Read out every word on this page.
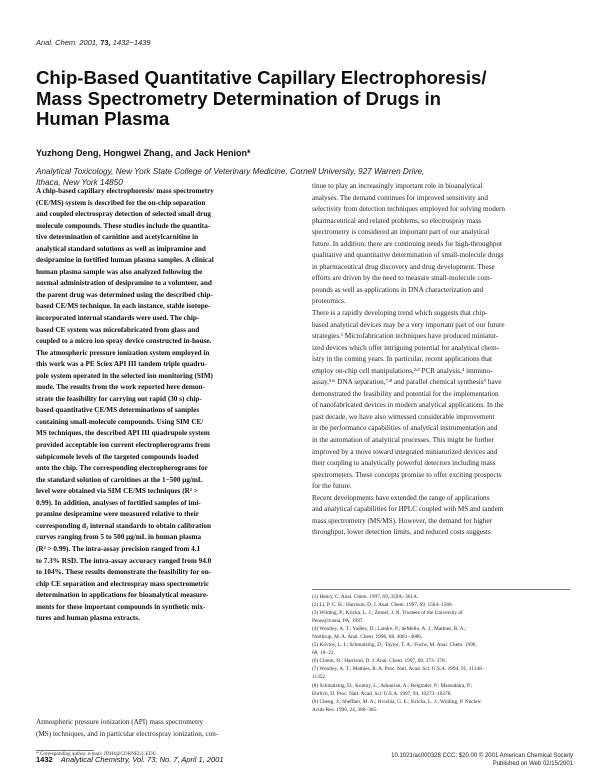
Anal. Chem. 2001, 73, 1432−1439
Chip-Based Quantitative Capillary Electrophoresis/
Mass Spectrometry Determination of Drugs in
Human Plasma
Yuzhong Deng, Hongwei Zhang, and Jack Henion*
Analytical Toxicology, New York State College of Veterinary Medicine, Cornell University, 927 Warren Drive,
Ithaca, New York 14850
A chip-based capillary electrophoresis/ mass spectrometry
(CE/MS) system is described for the on-chip separation
and coupled electrospray detection of selected small drug
molecule compounds. These studies include the quantita-
tive determination of carnitine and acetylcarnitine in
analytical standard solutions as well as imipramine and
desipramine in fortified human plasma samples. A clinical
human plasma sample was also analyzed following the
normal administration of desipramine to a volunteer, and
the parent drug was determined using the described chip-
based CE/MS technique. In each instance, stable isotope-
incorporated internal standards were used. The chip-
based CE system was microfabricated from glass and
coupled to a micro ion spray device constructed in-house.
The atmospheric pressure ionization system employed in
this work was a PE Sciex API III tandem triple quadru-
pole system operated in the selected ion monitoring (SIM)
mode. The results from the work reported here demon-
strate the feasibility for carrying out rapid (30 s) chip-
based quantitative CE/MS determinations of samples
containing small-molecule compounds. Using SIM CE/
MS techniques, the described API III quadrupole system
provided acceptable ion current electropherograms from
subpicomole levels of the targeted compounds loaded
onto the chip. The corresponding electropherograms for
the standard solution of carnitines at the 1−500 μg/mL
level were obtained via SIM CE/MS techniques (R² >
0.99). In addition, analyses of fortified samples of imi-
pramine desipramine were measured relative to their
corresponding d₃ internal standards to obtain calibration
curves ranging from 5 to 500 μg/mL in human plasma
(R² > 0.99). The intra-assay precision ranged from 4.1
to 7.3% RSD. The intra-assay accuracy ranged from 94.0
to 104%. These results demonstrate the feasibility for on-
chip CE separation and electrospray mass spectrometric
determination in applications for bioanalytical measure-
ments for these important compounds in synthetic mix-
tures and human plasma extracts.
Atmospheric pressure ionization (API) mass spectrometry
(MS) techniques, and in particular electrospray ionization, con-
* Corresponding author. e-mail: JDH4@CORNELL.EDU.
tinue to play an increasingly important role in bioanalytical
analyses. The demand continues for improved sensitivity and
selectivity from detection techniques employed for solving modern
pharmaceutical and related problems, so electrospray mass
spectrometry is considered an important part of our analytical
future. In addition, there are continuing needs for high-throughput
qualitative and quantitative determination of small-molecule drugs
in pharmaceutical drug discovery and drug development. These
efforts are driven by the need to measure small-molecule com-
pounds as well as applications in DNA characterization and
proteomics.
There is a rapidly developing trend which suggests that chip-
based analytical devices may be a very important part of our future
strategies.¹ Microfabrication techniques have produced miniatur-
ized devices which offer intriguing potential for analytical chem-
istry in the coming years. In particular, recent applications that
employ on-chip cell manipulations,²ʴ³ PCR analysis,⁴ immuno-
assay,⁵ʴ⁶ DNA separation,⁷ʴ⁸ and parallel chemical synthesis⁹ have
demonstrated the feasibility and potential for the implementation
of nanofabricated devices in modern analytical applications. In the
past decade, we have also witnessed considerable improvement
in the performance capabilities of analytical instrumentation and
in the automation of analytical processes. This might be further
improved by a move toward integrated miniaturized devices and
their coupling to analytically powerful detectors including mass
spectrometers. These concepts promise to offer exciting prospects
for the future.
Recent developments have extended the range of applications
and analytical capabilities for HPLC coupled with MS and tandem
mass spectrometry (MS/MS). However, the demand for higher
throughput, lower detection limits, and reduced costs suggests
(1) Henry, C. Anal. Chem. 1997, 69, 359A−361A.
(2) Li, P. C. H.; Harrison, D. J. Anal. Chem. 1997, 69, 1564−1568.
(3) Wilding, P.; Kricka, L. J.; Zemel, J. N. Trustees of the University of
Pennsylvania, PA, 1997.
(4) Woolley, A. T.; Yadley, D.; Landre, P.; deMello, A. J.; Mathies, R. A.;
Northrup, M. A. Anal. Chem. 1996, 68, 4081−4086.
(5) Kovtoy, L. I.; Schmalzing, D.; Taylor, T. A.; Fuchs, M. Anal. Chem. 1996,
68, 18−22.
(6) Chiem, N.; Harrison, D. J. Anal. Chem. 1997, 69, 373−378.
(7) Woolley, A. T.; Mathies, R. A. Proc. Natl. Acad. Sci. U.S.A. 1994, 91, 11348−
11352.
(8) Schmalzing, D.; Koutny, L.; Adourian, A.; Belgrader, P.; Matsudaira, P.;
Ehrlich, D. Proc. Natl. Acad. Sci. U.S.A. 1997, 94, 10273−10278.
(9) Cheng, J.; Sheffner, M. A.; Hvichia, G. E.; Kricka, L. J.; Wilding, P. Nucleic
Acids Res. 1996, 24, 380−385.
1432 Analytical Chemistry, Vol. 73, No. 7, April 1, 2001	10.1021/ac000328 CCC: $20.00 © 2001 American Chemical Society
Published on Web 02/15/2001
